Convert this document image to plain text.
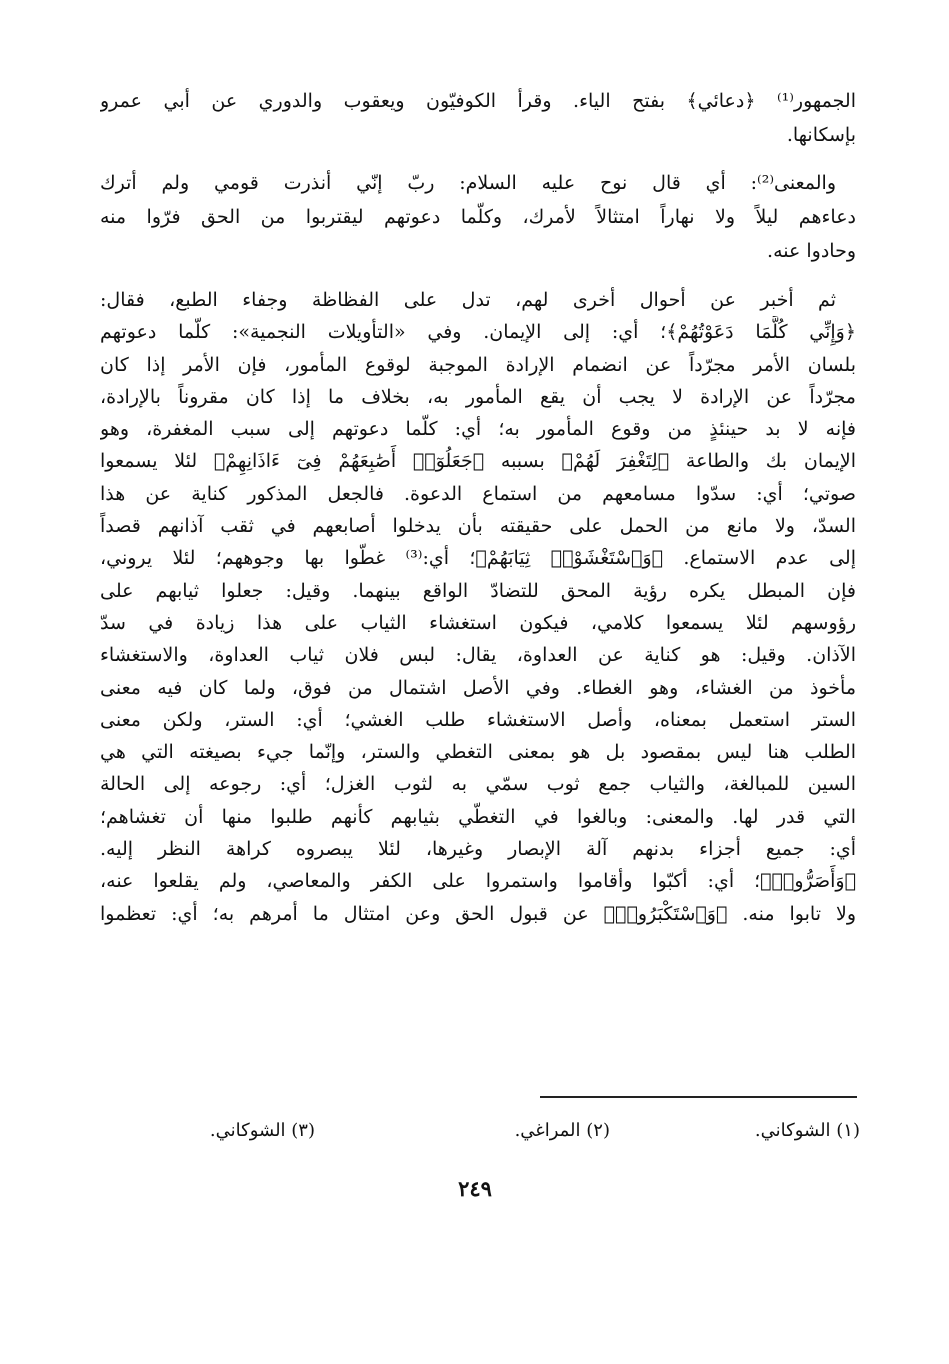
الجمهور⁽¹⁾ ﴿دعائي﴾ بفتح الياء. وقرأ الكوفيّون ويعقوب والدوري عن أبي عمرو
بإسكانها.
والمعنى⁽²⁾: أي قال نوح عليه السلام: ربّ إنّي أنذرت قومي ولم أترك
دعاءهم ليلاً ولا نهاراً امتثالاً لأمرك، وكلّما دعوتهم ليقتربوا من الحق فرّوا منه
وحادوا عنه.
ثم أخبر عن أحوال أخرى لهم، تدل على الفظاظة وجفاء الطبع، فقال:
﴿وَإِنِّي كُلَّمَا دَعَوْتُهُمْ﴾؛ أي: إلى الإيمان. وفي «التأويلات النجمية»: كلّما دعوتهم
بلسان الأمر مجرّداً عن انضمام الإرادة الموجبة لوقوع المأمور، فإن الأمر إذا كان
مجرّداً عن الإرادة لا يجب أن يقع المأمور به، بخلاف ما إذا كان مقروناً بالإرادة،
فإنه لا بد حينئذٍ من وقوع المأمور به؛ أي: كلّما دعوتهم إلى سبب المغفرة، وهو
الإيمان بك والطاعة ﴿لِتَغْفِرَ لَهُمْ﴾ بسببه ﴿جَعَلُوٓا۟ أَصَٰبِعَهُمْ فِىٓ ءَاذَانِهِمْ﴾ لئلا يسمعوا
صوتي؛ أي: سدّوا مسامعهم من استماع الدعوة. فالجعل المذكور كناية عن هذا
السدّ، ولا مانع من الحمل على حقيقته بأن يدخلوا أصابعهم في ثقب آذانهم قصداً
إلى عدم الاستماع. ﴿وَٱسْتَغْشَوْا۟ ثِيَابَهُمْ﴾؛ أي:⁽³⁾ غطّوا بها وجوههم؛ لئلا يروني،
فإن المبطل يكره رؤية المحق للتضادّ الواقع بينهما. وقيل: جعلوا ثيابهم على
رؤوسهم لئلا يسمعوا كلامي، فيكون استغشاء الثياب على هذا زيادة في سدّ
الآذان. وقيل: هو كناية عن العداوة، يقال: لبس فلان ثياب العداوة، والاستغشاء
مأخوذ من الغشاء، وهو الغطاء. وفي الأصل اشتمال من فوق، ولما كان فيه معنى
الستر استعمل بمعناه، وأصل الاستغشاء طلب الغشي؛ أي: الستر، ولكن معنى
الطلب هنا ليس بمقصود بل هو بمعنى التغطي والستر، وإنّما جيء بصيغته التي هي
السين للمبالغة، والثياب جمع ثوب سمّي به لثوب الغزل؛ أي: رجوعه إلى الحالة
التي قدر لها. والمعنى: وبالغوا في التغطّي بثيابهم كأنهم طلبوا منها أن تغشاهم؛
أي: جميع أجزاء بدنهم آلة الإبصار وغيرها، لئلا يبصروه كراهة النظر إليه.
﴿وَأَصَرُّوا۟﴾؛ أي: أكبّوا وأقاموا واستمروا على الكفر والمعاصي، ولم يقلعوا عنه،
ولا تابوا منه. ﴿وَٱسْتَكْبَرُوا۟﴾ عن قبول الحق وعن امتثال ما أمرهم به؛ أي: تعظموا
(١) الشوكاني.
(٢) المراغي.
(٣) الشوكاني.
٢٤٩
